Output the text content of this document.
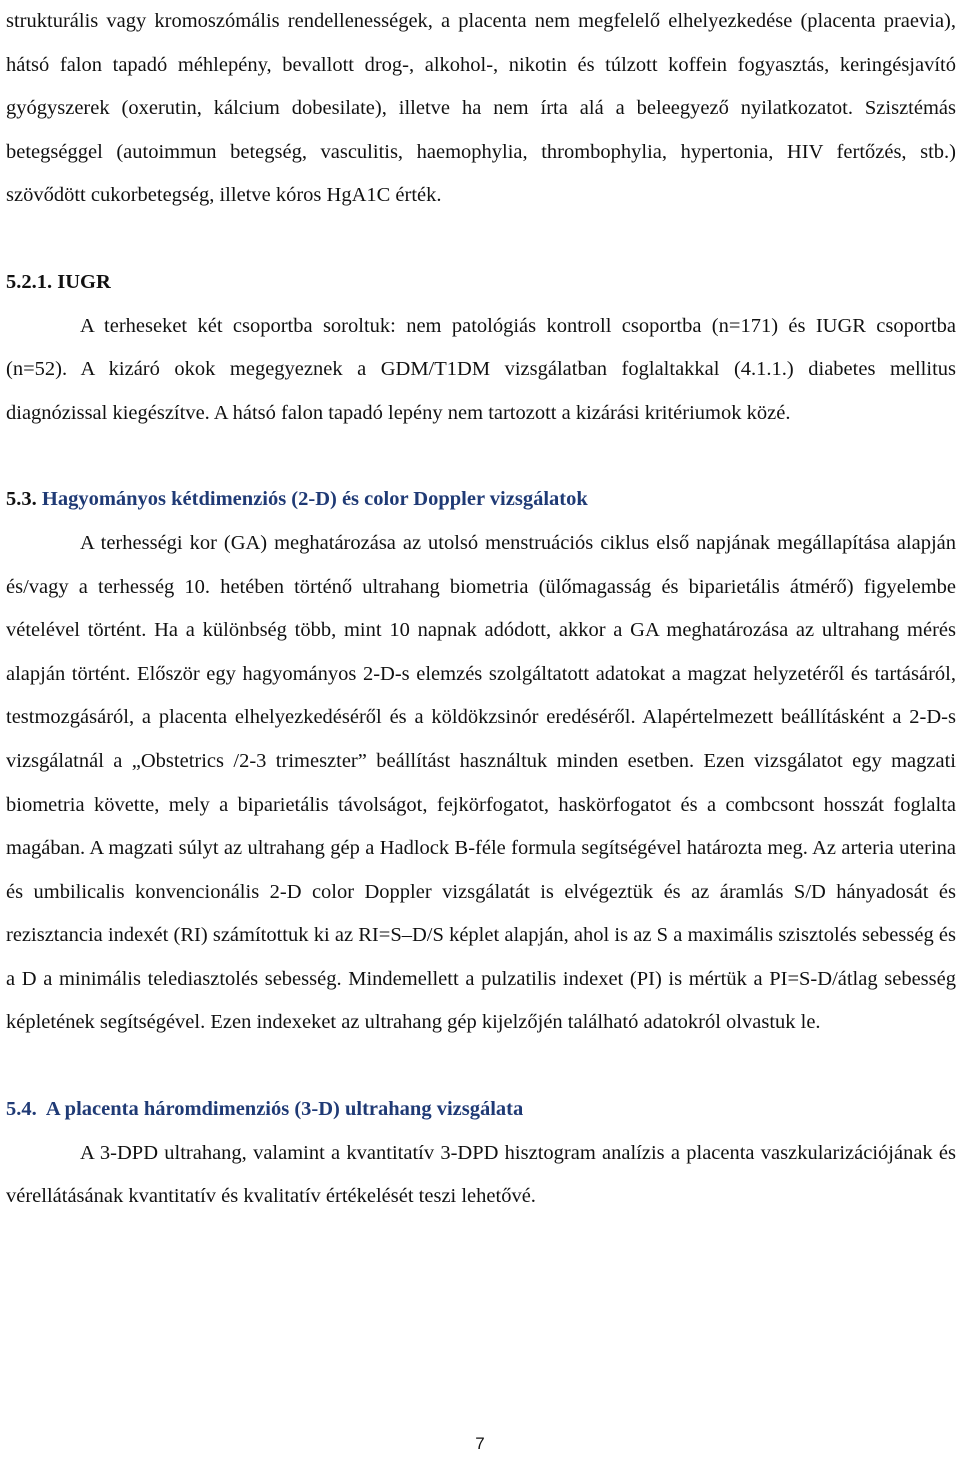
strukturális vagy kromoszómális rendellenességek, a placenta nem megfelelő elhelyezkedése (placenta praevia), hátsó falon tapadó méhlepény, bevallott drog-, alkohol-, nikotin és túlzott koffein fogyasztás, keringésjavító gyógyszerek (oxerutin, kálcium dobesilate), illetve ha nem írta alá a beleegyező nyilatkozatot. Szisztémás betegséggel (autoimmun betegség, vasculitis, haemophylia, thrombophylia, hypertonia, HIV fertőzés, stb.) szövődött cukorbetegség, illetve kóros HgA1C érték.

5.2.1. IUGR

A terheseket két csoportba soroltuk: nem patológiás kontroll csoportba (n=171) és IUGR csoportba (n=52). A kizáró okok megegyeznek a GDM/T1DM vizsgálatban foglaltakkal (4.1.1.) diabetes mellitus diagnózissal kiegészítve. A hátsó falon tapadó lepény nem tartozott a kizárási kritériumok közé.

5.3. Hagyományos kétdimenziós (2-D) és color Doppler vizsgálatok

A terhességi kor (GA) meghatározása az utolsó menstruációs ciklus első napjának megállapítása alapján és/vagy a terhesség 10. hetében történő ultrahang biometria (ülőmagasság és biparietális átmérő) figyelembe vételével történt. Ha a különbség több, mint 10 napnak adódott, akkor a GA meghatározása az ultrahang mérés alapján történt. Először egy hagyományos 2-D-s elemzés szolgáltatott adatokat a magzat helyzetéről és tartásáról, testmozgásáról, a placenta elhelyezkedéséről és a köldökzsinór eredéséről. Alapértelmezett beállításként a 2-D-s vizsgálatnál a „Obstetrics /2-3 trimeszter” beállítást használtuk minden esetben. Ezen vizsgálatot egy magzati biometria követte, mely a biparietális távolságot, fejkörfogatot, haskörfogatot és a combcsont hosszát foglalta magában. A magzati súlyt az ultrahang gép a Hadlock B-féle formula segítségével határozta meg. Az arteria uterina és umbilicalis konvencionális 2-D color Doppler vizsgálatát is elvégeztük és az áramlás S/D hányadosát és rezisztancia indexét (RI) számítottuk ki az RI=S–D/S képlet alapján, ahol is az S a maximális szisztolés sebesség és a D a minimális telediasztolés sebesség. Mindemellett a pulzatilis indexet (PI) is mértük a PI=S-D/átlag sebesség képletének segítségével. Ezen indexeket az ultrahang gép kijelzőjén található adatokról olvastuk le.

5.4. A placenta háromdimenziós (3-D) ultrahang vizsgálata

A 3-DPD ultrahang, valamint a kvantitatív 3-DPD hisztogram analízis a placenta vaszkularizációjának és vérellátásának kvantitatív és kvalitatív értékelését teszi lehetővé.

7
